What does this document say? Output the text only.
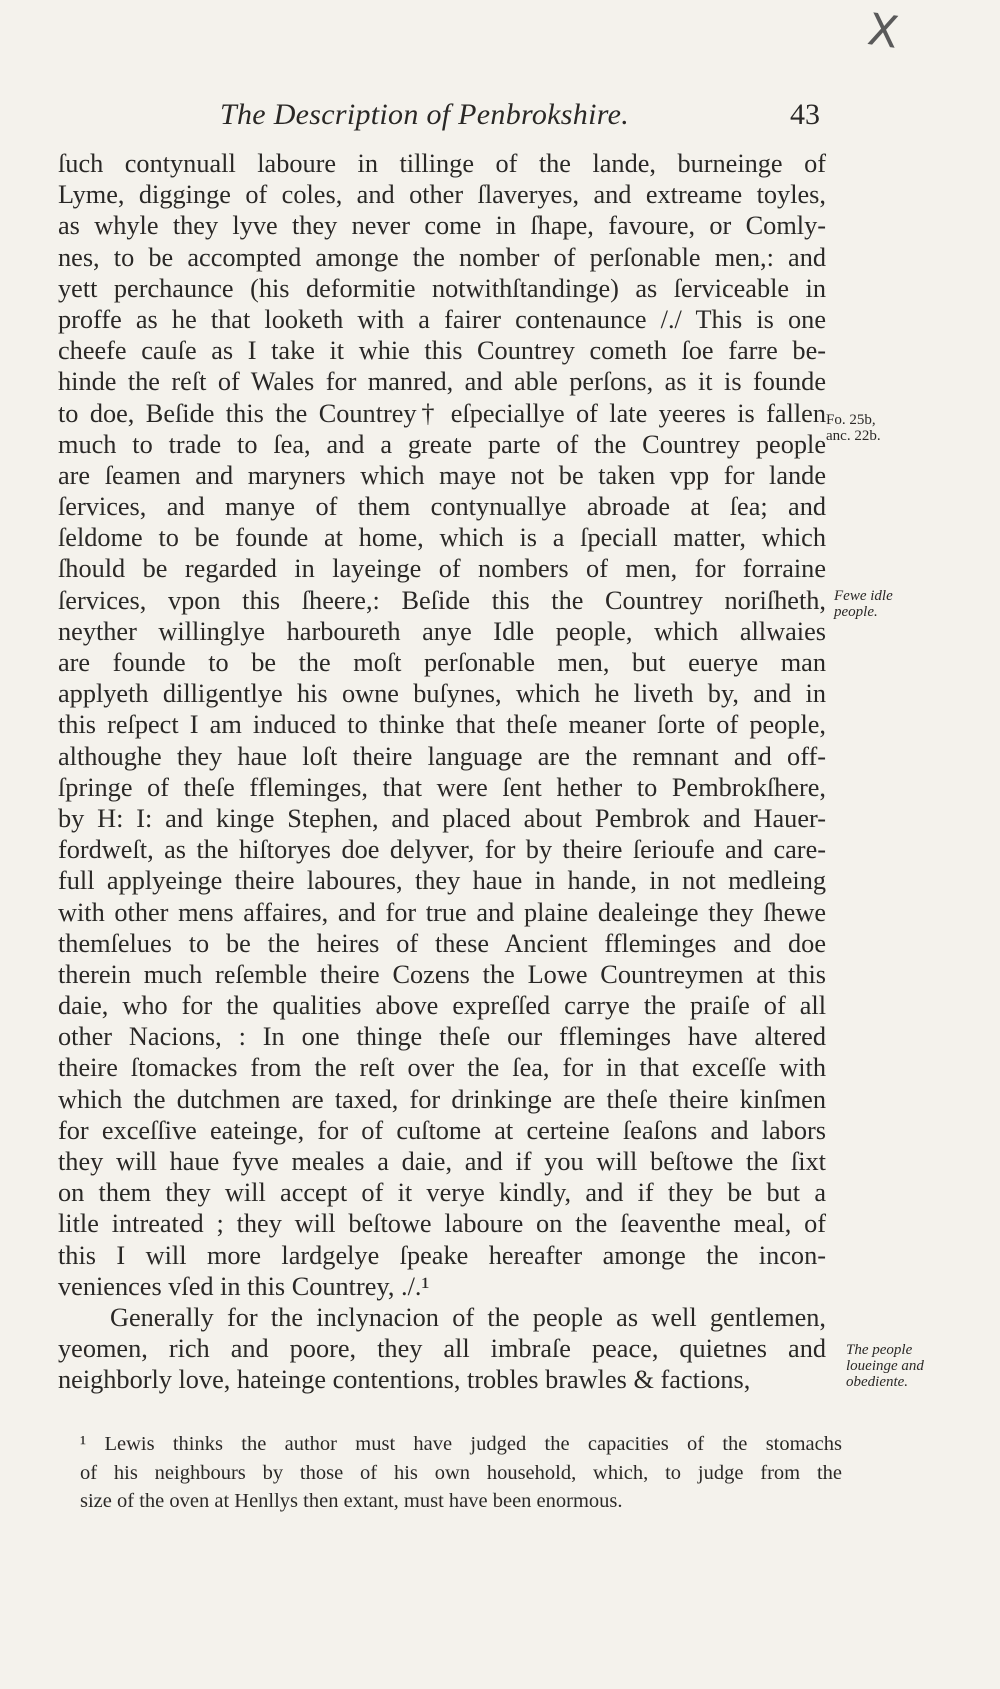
X
The Description of Penbrokshire.	43
ſuch contynuall laboure in tillinge of the lande, burneinge of
Lyme, digginge of coles, and other ſlaveryes, and extreame toyles,
as whyle they lyve they never come in ſhape, favoure, or Comly-
nes, to be accompted amonge the nomber of perſonable men,: and
yett perchaunce (his deformitie notwithſtandinge) as ſerviceable in
proffe as he that looketh with a fairer contenaunce /./ This is one
cheefe cauſe as I take it whie this Countrey cometh ſoe farre be-
hinde the reſt of Wales for manred, and able perſons, as it is founde
to doe, Beſide this the Countrey† eſpeciallye of late yeeres is fallen
much to trade to ſea, and a greate parte of the Countrey people
are ſeamen and maryners which maye not be taken vpp for lande
ſervices, and manye of them contynuallye abroade at ſea; and
ſeldome to be founde at home, which is a ſpeciall matter, which
ſhould be regarded in layeinge of nombers of men, for forraine
ſervices, vpon this ſheere,: Beſide this the Countrey noriſheth,
neyther willinglye harboureth anye Idle people, which allwaies
are founde to be the moſt perſonable men, but euerye man
applyeth dilligentlye his owne buſynes, which he liveth by, and in
this reſpect I am induced to thinke that theſe meaner ſorte of people,
althoughe they haue loſt theire language are the remnant and off-
ſpringe of theſe ffleminges, that were ſent hether to Pembrokſhere,
by H: I: and kinge Stephen, and placed about Pembrok and Hauer-
fordweſt, as the hiſtoryes doe delyver, for by theire ſerioufe and care-
full applyeinge theire laboures, they haue in hande, in not medleing
with other mens affaires, and for true and plaine dealeinge they ſhewe
themſelues to be the heires of these Ancient ffleminges and doe
therein much reſemble theire Cozens the Lowe Countreymen at this
daie, who for the qualities above expreſſed carrye the praiſe of all
other Nacions, : In one thinge theſe our ffleminges have altered
theire ſtomackes from the reſt over the ſea, for in that exceſſe with
which the dutchmen are taxed, for drinkinge are theſe theire kinſmen
for exceſſive eateinge, for of cuſtome at certeine ſeaſons and labors
they will haue fyve meales a daie, and if you will beſtowe the ſixt
on them they will accept of it verye kindly, and if they be but a
litle intreated ; they will beſtowe laboure on the ſeaventhe meal, of
this I will more lardgelye ſpeake hereafter amonge the incon-
veniences vſed in this Countrey, ./.¹
Generally for the inclynacion of the people as well gentlemen,
yeomen, rich and poore, they all imbraſe peace, quietnes and
neighborly love, hateinge contentions, trobles brawles & factions,
Fo. 25b,
anc. 22b.
Fewe idle
people.
The people
loueinge and
obediente.
¹ Lewis thinks the author must have judged the capacities of the stomachs
of his neighbours by those of his own household, which, to judge from the
size of the oven at Henllys then extant, must have been enormous.
